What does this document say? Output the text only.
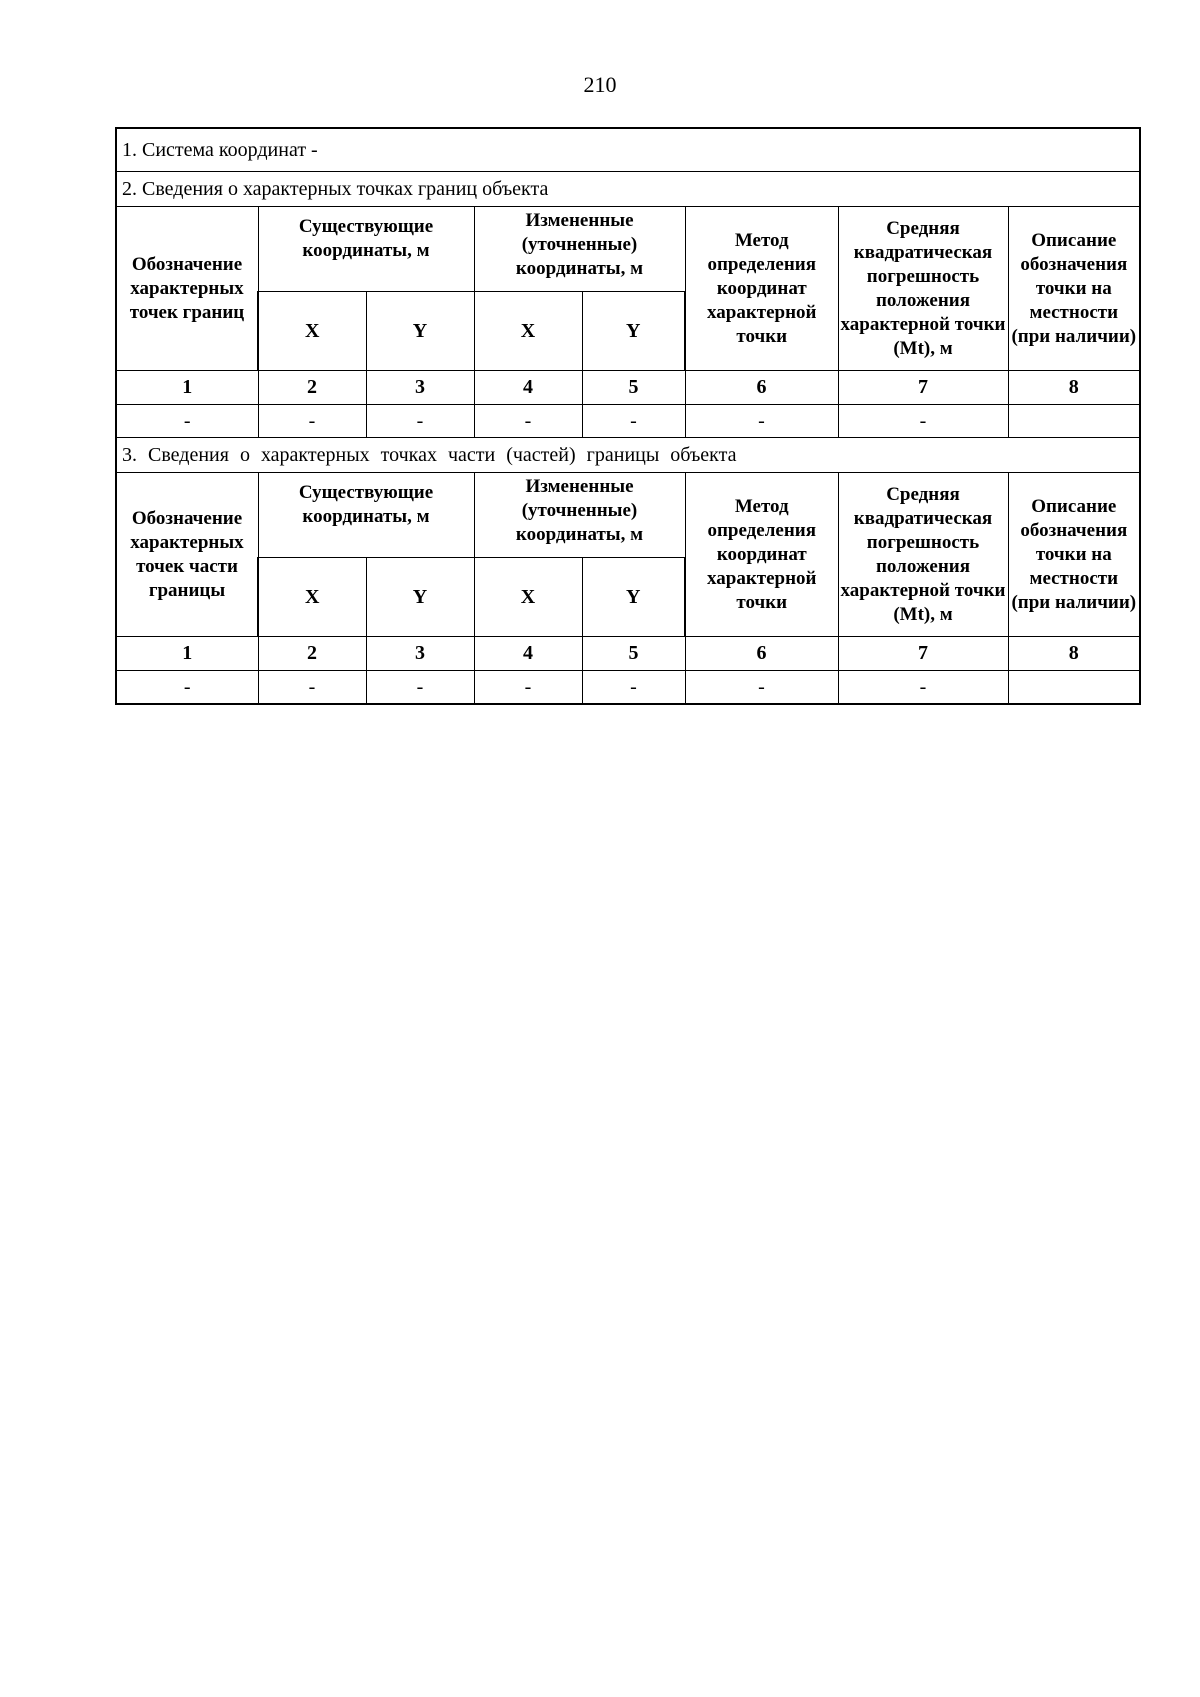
210
1. Система координат -							
2. Сведения о характерных точках границ объекта							
Обозначение характерных точек границ	Существующие координаты, м		Измененные (уточненные) координаты, м		Метод определения координат характерной точки	Средняя квадратическая погрешность положения характерной точки (Mt), м	Описание обозначения точки на местности (при наличии)
	X	Y	X	Y			
1	2	3	4	5	6	7	8
-	-	-	-	-	-	-	
3. Сведения о характерных точках части (частей) границы объекта							
Обозначение характерных точек части границы	Существующие координаты, м		Измененные (уточненные) координаты, м		Метод определения координат характерной точки	Средняя квадратическая погрешность положения характерной точки (Mt), м	Описание обозначения точки на местности (при наличии)
	X	Y	X	Y			
1	2	3	4	5	6	7	8
-	-	-	-	-	-	-	
